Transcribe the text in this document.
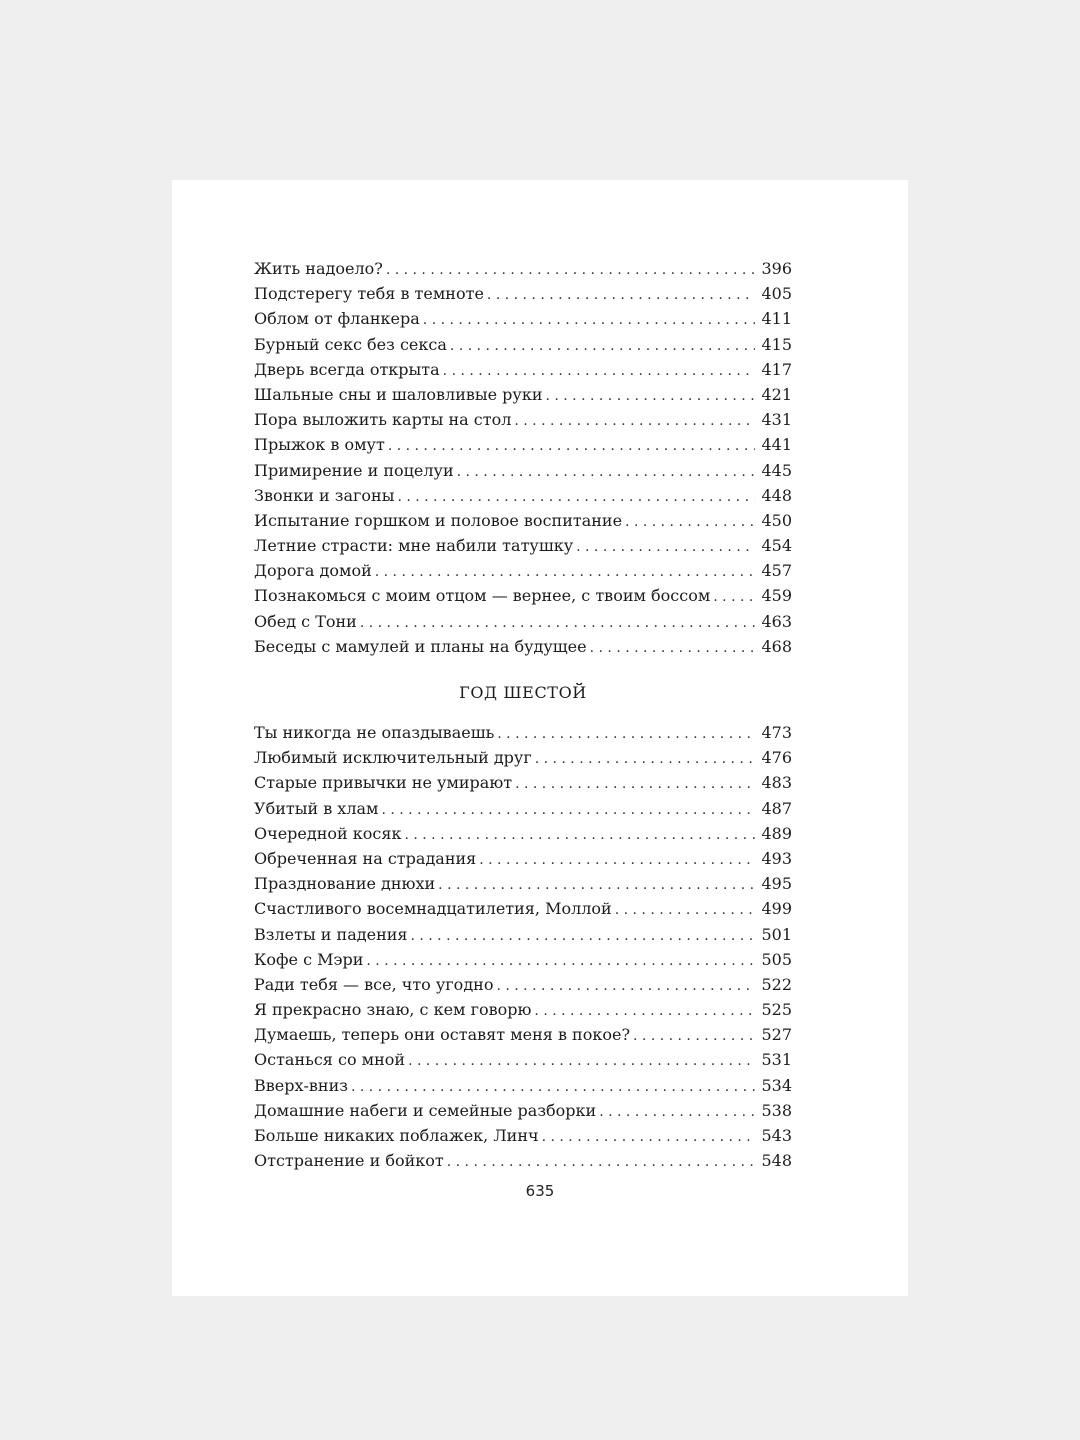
Жить надоело? . . .	396
Подстерегу тебя в темноте . . .	405
Облом от фланкера . . .	411
Бурный секс без секса . . .	415
Дверь всегда открыта . . .	417
Шальные сны и шаловливые руки . . .	421
Пора выложить карты на стол . . .	431
Прыжок в омут . . .	441
Примирение и поцелуи . . .	445
Звонки и загоны . . .	448
Испытание горшком и половое воспитание . . .	450
Летние страсти: мне набили татушку . . .	454
Дорога домой . . .	457
Познакомься с моим отцом — вернее, с твоим боссом . . .	459
Обед с Тони . . .	463
Беседы с мамулей и планы на будущее . . .	468
ГОД ШЕСТОЙ
Ты никогда не опаздываешь . . .	473
Любимый исключительный друг . . .	476
Старые привычки не умирают . . .	483
Убитый в хлам . . .	487
Очередной косяк . . .	489
Обреченная на страдания . . .	493
Празднование днюхи . . .	495
Счастливого восемнадцатилетия, Моллой . . .	499
Взлеты и падения . . .	501
Кофе с Мэри . . .	505
Ради тебя — все, что угодно . . .	522
Я прекрасно знаю, с кем говорю . . .	525
Думаешь, теперь они оставят меня в покое? . . .	527
Останься со мной . . .	531
Вверх-вниз . . .	534
Домашние набеги и семейные разборки . . .	538
Больше никаких поблажек, Линч . . .	543
Отстранение и бойкот . . .	548
635
